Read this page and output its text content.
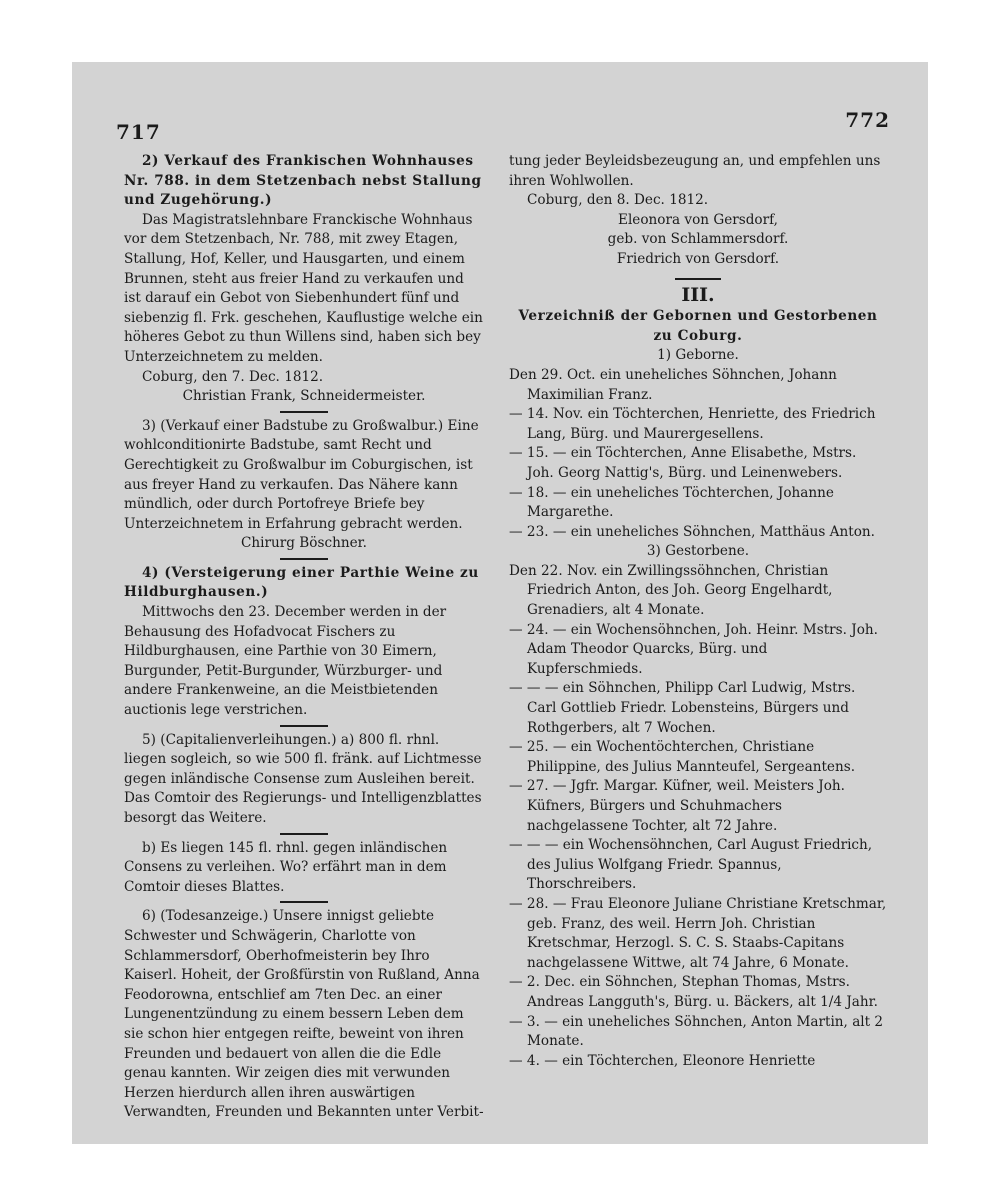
717	772

2) Verkauf des Frankischen Wohnhauses Nr. 788. in dem Stetzenbach nebst Stallung und Zugehörung.)

Das Magistratslehnbare Franckische Wohnhaus vor dem Stetzenbach, Nr. 788, mit zwey Etagen, Stallung, Hof, Keller, und Hausgarten, und einem Brunnen, steht aus freier Hand zu verkaufen und ist darauf ein Gebot von Siebenhundert fünf und siebenzig fl. Frk. geschehen, Kauflustige welche ein höheres Gebot zu thun Willens sind, haben sich bey Unterzeichnetem zu melden.

Coburg, den 7. Dec. 1812.

Christian Frank, Schneidermeister.

3) (Verkauf einer Badstube zu Großwalbur.) Eine wohlconditionirte Badstube, samt Recht und Gerechtigkeit zu Großwalbur im Coburgischen, ist aus freyer Hand zu verkaufen. Das Nähere kann mündlich, oder durch Portofreye Briefe bey Unterzeichnetem in Erfahrung gebracht werden.

Chirurg Böschner.

4) (Versteigerung einer Parthie Weine zu Hildburghausen.)

Mittwochs den 23. December werden in der Behausung des Hofadvocat Fischers zu Hildburghausen, eine Parthie von 30 Eimern, Burgunder, Petit-Burgunder, Würzburger- und andere Frankenweine, an die Meistbietenden auctionis lege verstrichen.

5) (Capitalienverleihungen.) a) 800 fl. rhnl. liegen sogleich, so wie 500 fl. fränk. auf Lichtmesse gegen inländische Consense zum Ausleihen bereit. Das Comtoir des Regierungs- und Intelligenzblattes besorgt das Weitere.

b) Es liegen 145 fl. rhnl. gegen inländischen Consens zu verleihen. Wo? erfährt man in dem Comtoir dieses Blattes.

6) (Todesanzeige.) Unsere innigst geliebte Schwester und Schwägerin, Charlotte von Schlammersdorf, Oberhofmeisterin bey Ihro Kaiserl. Hoheit, der Großfürstin von Rußland, Anna Feodorowna, entschlief am 7ten Dec. an einer Lungenentzündung zu einem bessern Leben dem sie schon hier entgegen reifte, beweint von ihren Freunden und bedauert von allen die die Edle genau kannten. Wir zeigen dies mit verwunden Herzen hierdurch allen ihren auswärtigen Verwandten, Freunden und Bekannten unter Verbit-

tung jeder Beyleidsbezeugung an, und empfehlen uns ihren Wohlwollen.

Coburg, den 8. Dec. 1812.

Eleonora von Gersdorf,

geb. von Schlammersdorf.

Friedrich von Gersdorf.

III.

Verzeichniß der Gebornen und Gestorbenen zu Coburg.

1) Geborne.

Den 29. Oct. ein uneheliches Söhnchen, Johann Maximilian Franz.

— 14. Nov. ein Töchterchen, Henriette, des Friedrich Lang, Bürg. und Maurergesellens.

— 15. — ein Töchterchen, Anne Elisabethe, Mstrs. Joh. Georg Nattig's, Bürg. und Leinenwebers.

— 18. — ein uneheliches Töchterchen, Johanne Margarethe.

— 23. — ein uneheliches Söhnchen, Matthäus Anton.

3) Gestorbene.

Den 22. Nov. ein Zwillingssöhnchen, Christian Friedrich Anton, des Joh. Georg Engelhardt, Grenadiers, alt 4 Monate.

— 24. — ein Wochensöhnchen, Joh. Heinr. Mstrs. Joh. Adam Theodor Quarcks, Bürg. und Kupferschmieds.

— — — ein Söhnchen, Philipp Carl Ludwig, Mstrs. Carl Gottlieb Friedr. Lobensteins, Bürgers und Rothgerbers, alt 7 Wochen.

— 25. — ein Wochentöchterchen, Christiane Philippine, des Julius Mannteufel, Sergeantens.

— 27. — Jgfr. Margar. Küfner, weil. Meisters Joh. Küfners, Bürgers und Schuhmachers nachgelassene Tochter, alt 72 Jahre.

— — — ein Wochensöhnchen, Carl August Friedrich, des Julius Wolfgang Friedr. Spannus, Thorschreibers.

— 28. — Frau Eleonore Juliane Christiane Kretschmar, geb. Franz, des weil. Herrn Joh. Christian Kretschmar, Herzogl. S. C. S. Staabs-Capitans nachgelassene Wittwe, alt 74 Jahre, 6 Monate.

— 2. Dec. ein Söhnchen, Stephan Thomas, Mstrs. Andreas Langguth's, Bürg. u. Bäckers, alt 1/4 Jahr.

— 3. — ein uneheliches Söhnchen, Anton Martin, alt 2 Monate.

— 4. — ein Töchterchen, Eleonore Henriette
